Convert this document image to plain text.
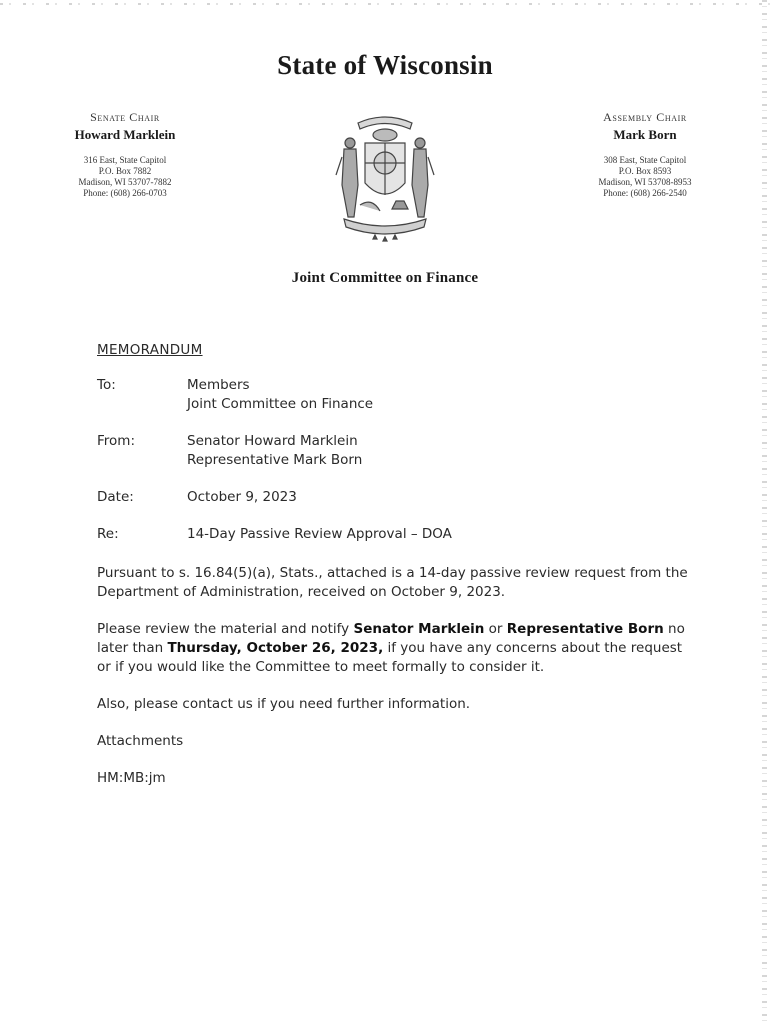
State of Wisconsin
Senate Chair
Howard Marklein
316 East, State Capitol
P.O. Box 7882
Madison, WI 53707-7882
Phone: (608) 266-0703
Assembly Chair
Mark Born
308 East, State Capitol
P.O. Box 8593
Madison, WI 53708-8953
Phone: (608) 266-2540
Joint Committee on Finance
MEMORANDUM
To:	Members
Joint Committee on Finance
From:	Senator Howard Marklein
Representative Mark Born
Date:	October 9, 2023
Re:	14-Day Passive Review Approval – DOA
Pursuant to s. 16.84(5)(a), Stats., attached is a 14-day passive review request from the Department of Administration, received on October 9, 2023.
Please review the material and notify Senator Marklein or Representative Born no later than Thursday, October 26, 2023, if you have any concerns about the request or if you would like the Committee to meet formally to consider it.
Also, please contact us if you need further information.
Attachments
HM:MB:jm
